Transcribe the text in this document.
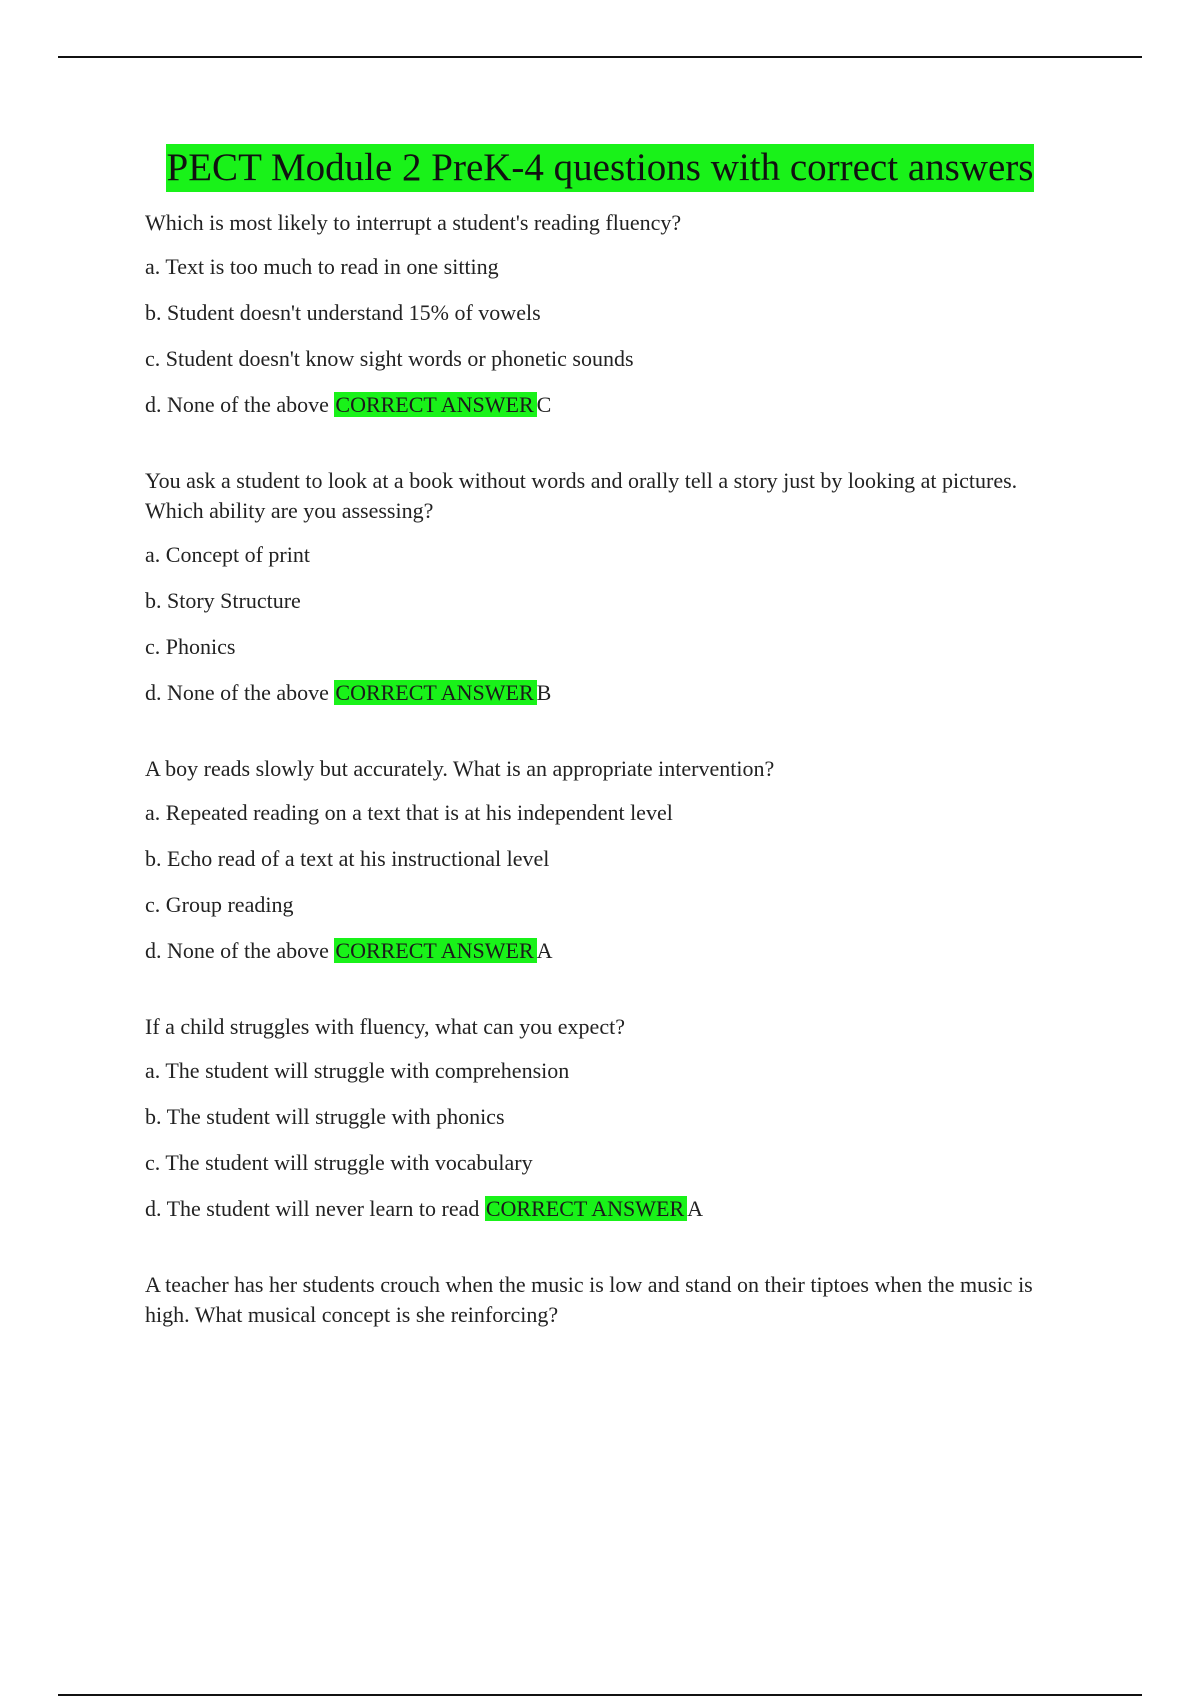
PECT Module 2 PreK-4 questions with correct answers

Which is most likely to interrupt a student's reading fluency?

a. Text is too much to read in one sitting

b. Student doesn't understand 15% of vowels

c. Student doesn't know sight words or phonetic sounds

d. None of the above CORRECT ANSWER C

You ask a student to look at a book without words and orally tell a story just by looking at pictures. Which ability are you assessing?

a. Concept of print

b. Story Structure

c. Phonics

d. None of the above CORRECT ANSWER B

A boy reads slowly but accurately. What is an appropriate intervention?

a. Repeated reading on a text that is at his independent level

b. Echo read of a text at his instructional level

c. Group reading

d. None of the above CORRECT ANSWER A

If a child struggles with fluency, what can you expect?

a. The student will struggle with comprehension

b. The student will struggle with phonics

c. The student will struggle with vocabulary

d. The student will never learn to read CORRECT ANSWER A

A teacher has her students crouch when the music is low and stand on their tiptoes when the music is high. What musical concept is she reinforcing?
